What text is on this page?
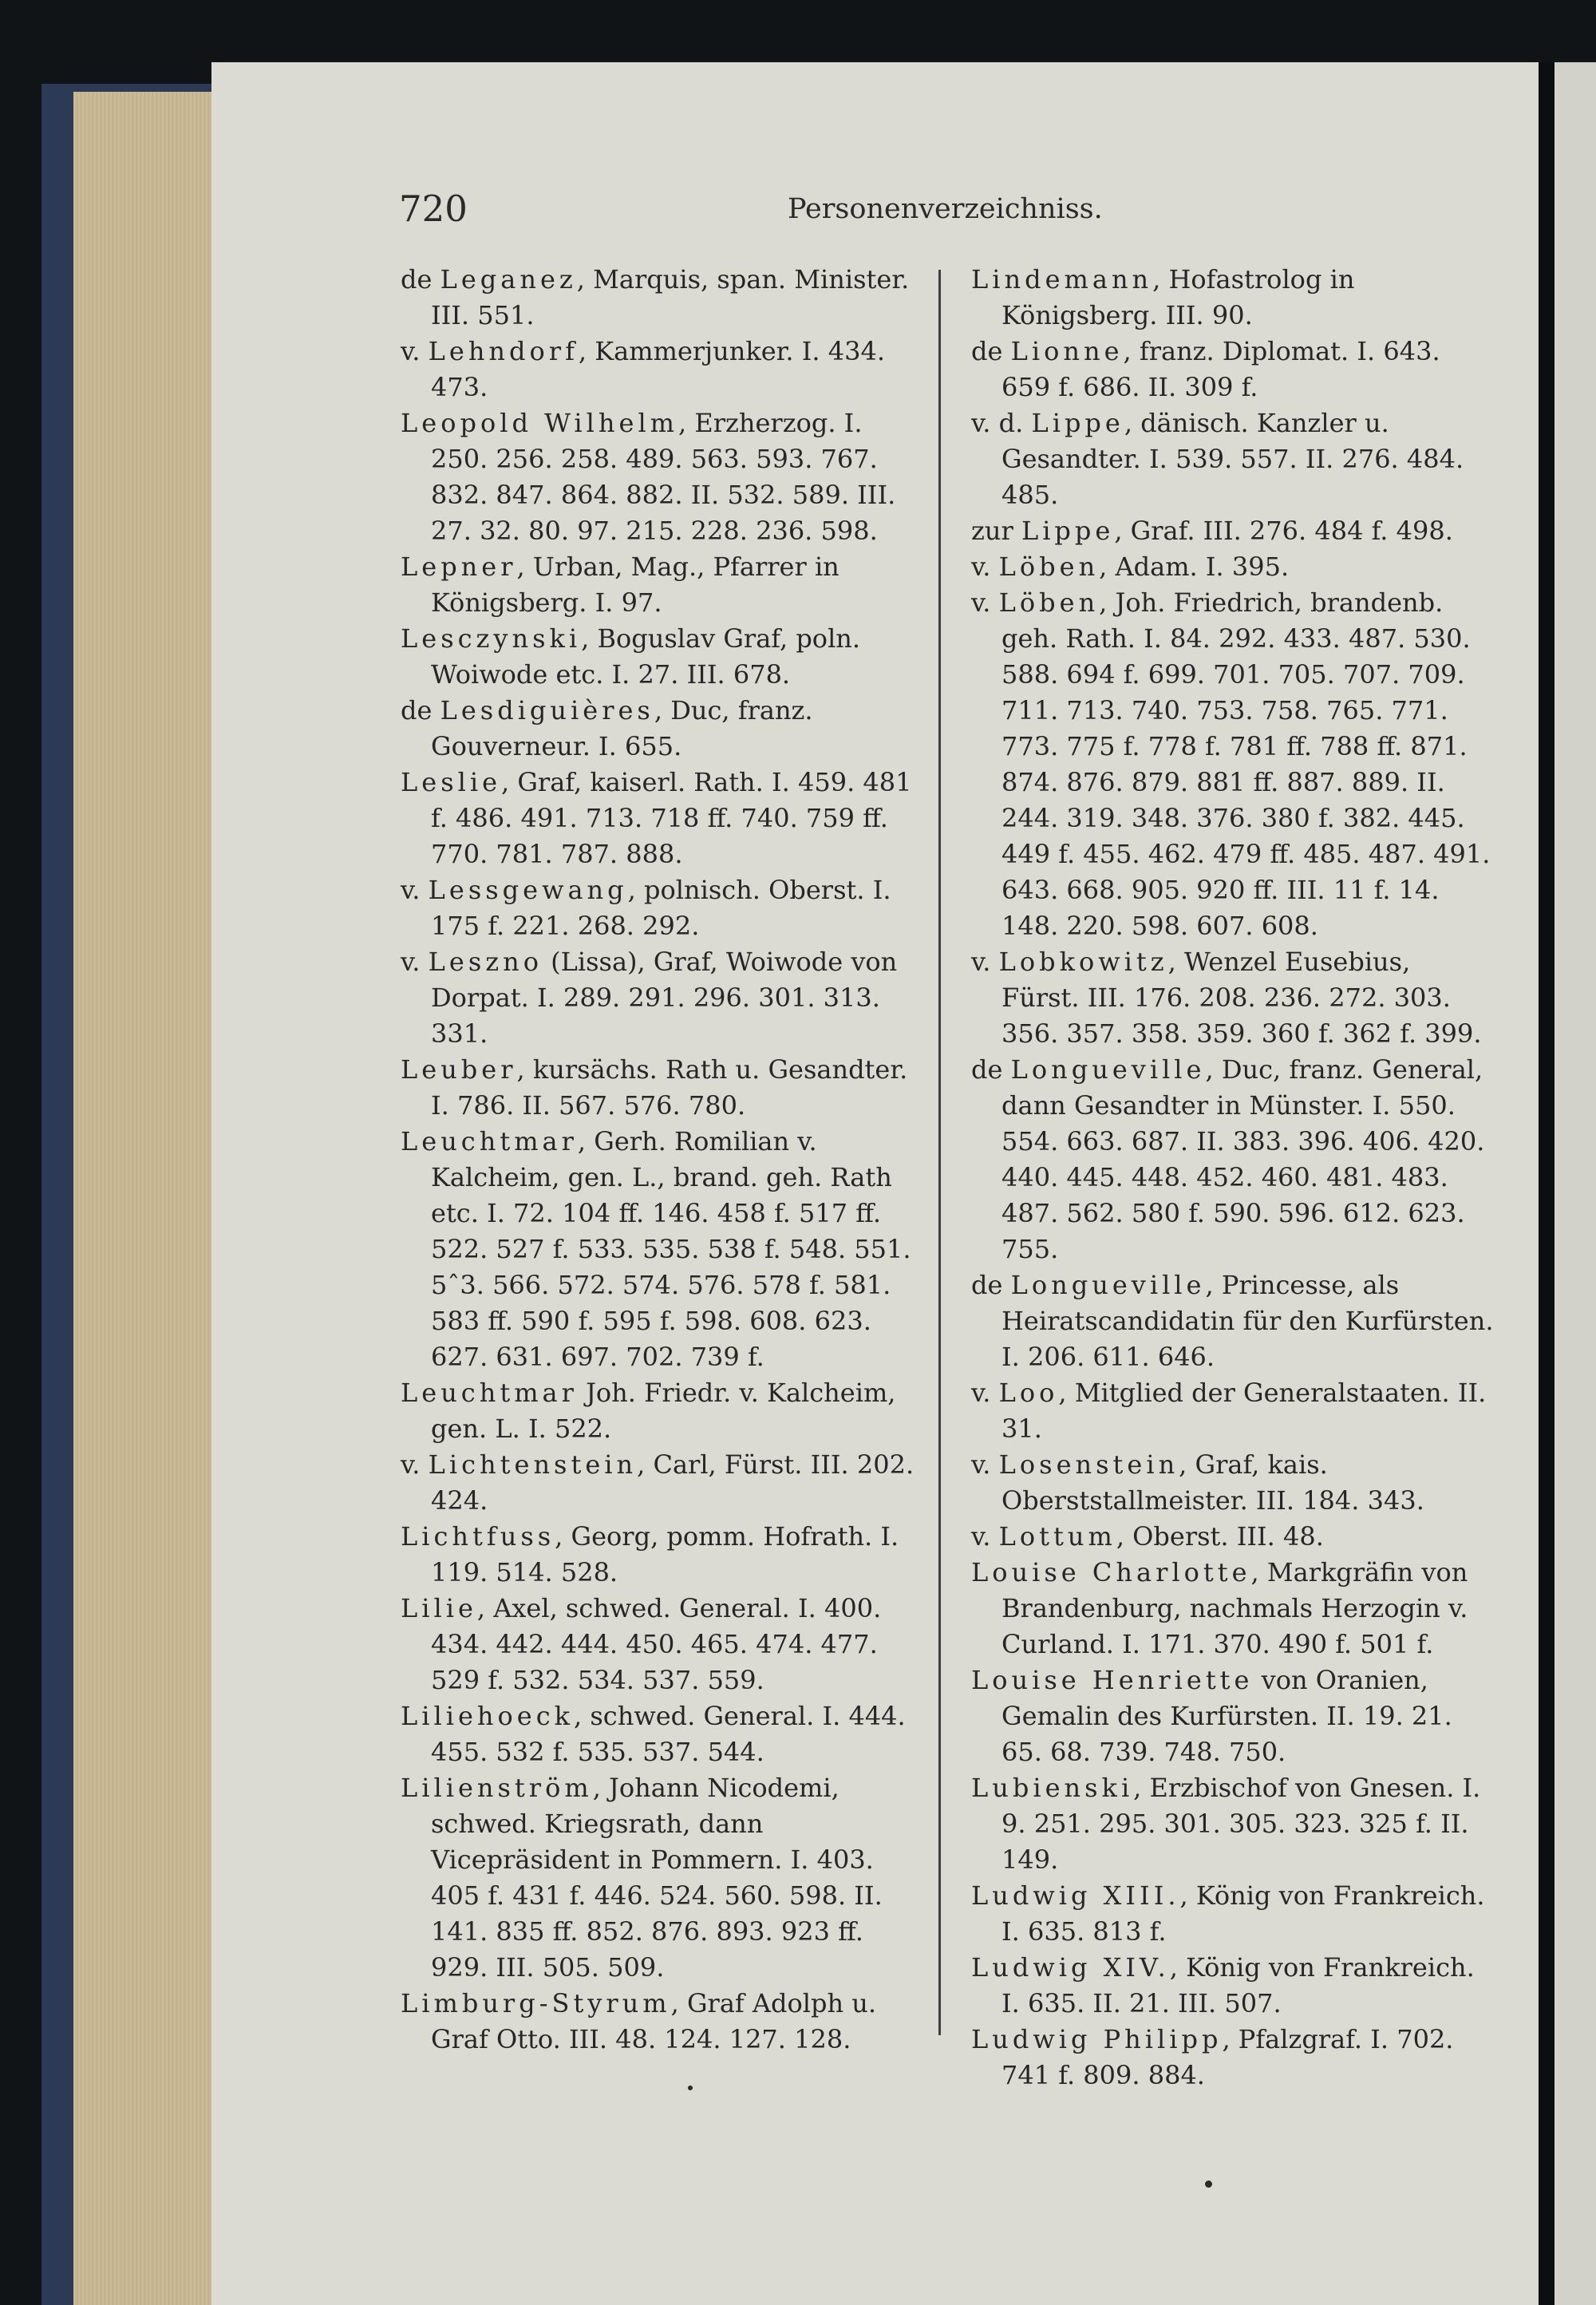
720	Personenverzeichniss.
de Leganez, Marquis, span. Minister. III. 551.
v. Lehndorf, Kammerjunker. I. 434. 473.
Leopold Wilhelm, Erzherzog. I. 250. 256. 258. 489. 563. 593. 767. 832. 847. 864. 882. II. 532. 589. III. 27. 32. 80. 97. 215. 228. 236. 598.
Lepner, Urban, Mag., Pfarrer in Königsberg. I. 97.
Lesczynski, Boguslav Graf, poln. Woiwode etc. I. 27. III. 678.
de Lesdiguières, Duc, franz. Gouverneur. I. 655.
Leslie, Graf, kaiserl. Rath. I. 459. 481 f. 486. 491. 713. 718 ff. 740. 759 ff. 770. 781. 787. 888.
v. Lessgewang, polnisch. Oberst. I. 175 f. 221. 268. 292.
v. Leszno (Lissa), Graf, Woiwode von Dorpat. I. 289. 291. 296. 301. 313. 331.
Leuber, kursächs. Rath u. Gesandter. I. 786. II. 567. 576. 780.
Leuchtmar, Gerh. Romilian v. Kalcheim, gen. L., brand. geh. Rath etc. I. 72. 104 ff. 146. 458 f. 517 ff. 522. 527 f. 533. 535. 538 f. 548. 551. 5ˆ3. 566. 572. 574. 576. 578 f. 581. 583 ff. 590 f. 595 f. 598. 608. 623. 627. 631. 697. 702. 739 f.
Leuchtmar Joh. Friedr. v. Kalcheim, gen. L. I. 522.
v. Lichtenstein, Carl, Fürst. III. 202. 424.
Lichtfuss, Georg, pomm. Hofrath. I. 119. 514. 528.
Lilie, Axel, schwed. General. I. 400. 434. 442. 444. 450. 465. 474. 477. 529 f. 532. 534. 537. 559.
Liliehoeck, schwed. General. I. 444. 455. 532 f. 535. 537. 544.
Lilienström, Johann Nicodemi, schwed. Kriegsrath, dann Vicepräsident in Pommern. I. 403. 405 f. 431 f. 446. 524. 560. 598. II. 141. 835 ff. 852. 876. 893. 923 ff. 929. III. 505. 509.
Limburg-Styrum, Graf Adolph u. Graf Otto. III. 48. 124. 127. 128.
Lindemann, Hofastrolog in Königsberg. III. 90.
de Lionne, franz. Diplomat. I. 643. 659 f. 686. II. 309 f.
v. d. Lippe, dänisch. Kanzler u. Gesandter. I. 539. 557. II. 276. 484. 485.
zur Lippe, Graf. III. 276. 484 f. 498.
v. Löben, Adam. I. 395.
v. Löben, Joh. Friedrich, brandenb. geh. Rath. I. 84. 292. 433. 487. 530. 588. 694 f. 699. 701. 705. 707. 709. 711. 713. 740. 753. 758. 765. 771. 773. 775 f. 778 f. 781 ff. 788 ff. 871. 874. 876. 879. 881 ff. 887. 889. II. 244. 319. 348. 376. 380 f. 382. 445. 449 f. 455. 462. 479 ff. 485. 487. 491. 643. 668. 905. 920 ff. III. 11 f. 14. 148. 220. 598. 607. 608.
v. Lobkowitz, Wenzel Eusebius, Fürst. III. 176. 208. 236. 272. 303. 356. 357. 358. 359. 360 f. 362 f. 399.
de Longueville, Duc, franz. General, dann Gesandter in Münster. I. 550. 554. 663. 687. II. 383. 396. 406. 420. 440. 445. 448. 452. 460. 481. 483. 487. 562. 580 f. 590. 596. 612. 623. 755.
de Longueville, Princesse, als Heiratscandidatin für den Kurfürsten. I. 206. 611. 646.
v. Loo, Mitglied der Generalstaaten. II. 31.
v. Losenstein, Graf, kais. Oberststallmeister. III. 184. 343.
v. Lottum, Oberst. III. 48.
Louise Charlotte, Markgräfin von Brandenburg, nachmals Herzogin v. Curland. I. 171. 370. 490 f. 501 f.
Louise Henriette von Oranien, Gemalin des Kurfürsten. II. 19. 21. 65. 68. 739. 748. 750.
Lubienski, Erzbischof von Gnesen. I. 9. 251. 295. 301. 305. 323. 325 f. II. 149.
Ludwig XIII., König von Frankreich. I. 635. 813 f.
Ludwig XIV., König von Frankreich. I. 635. II. 21. III. 507.
Ludwig Philipp, Pfalzgraf. I. 702. 741 f. 809. 884.
